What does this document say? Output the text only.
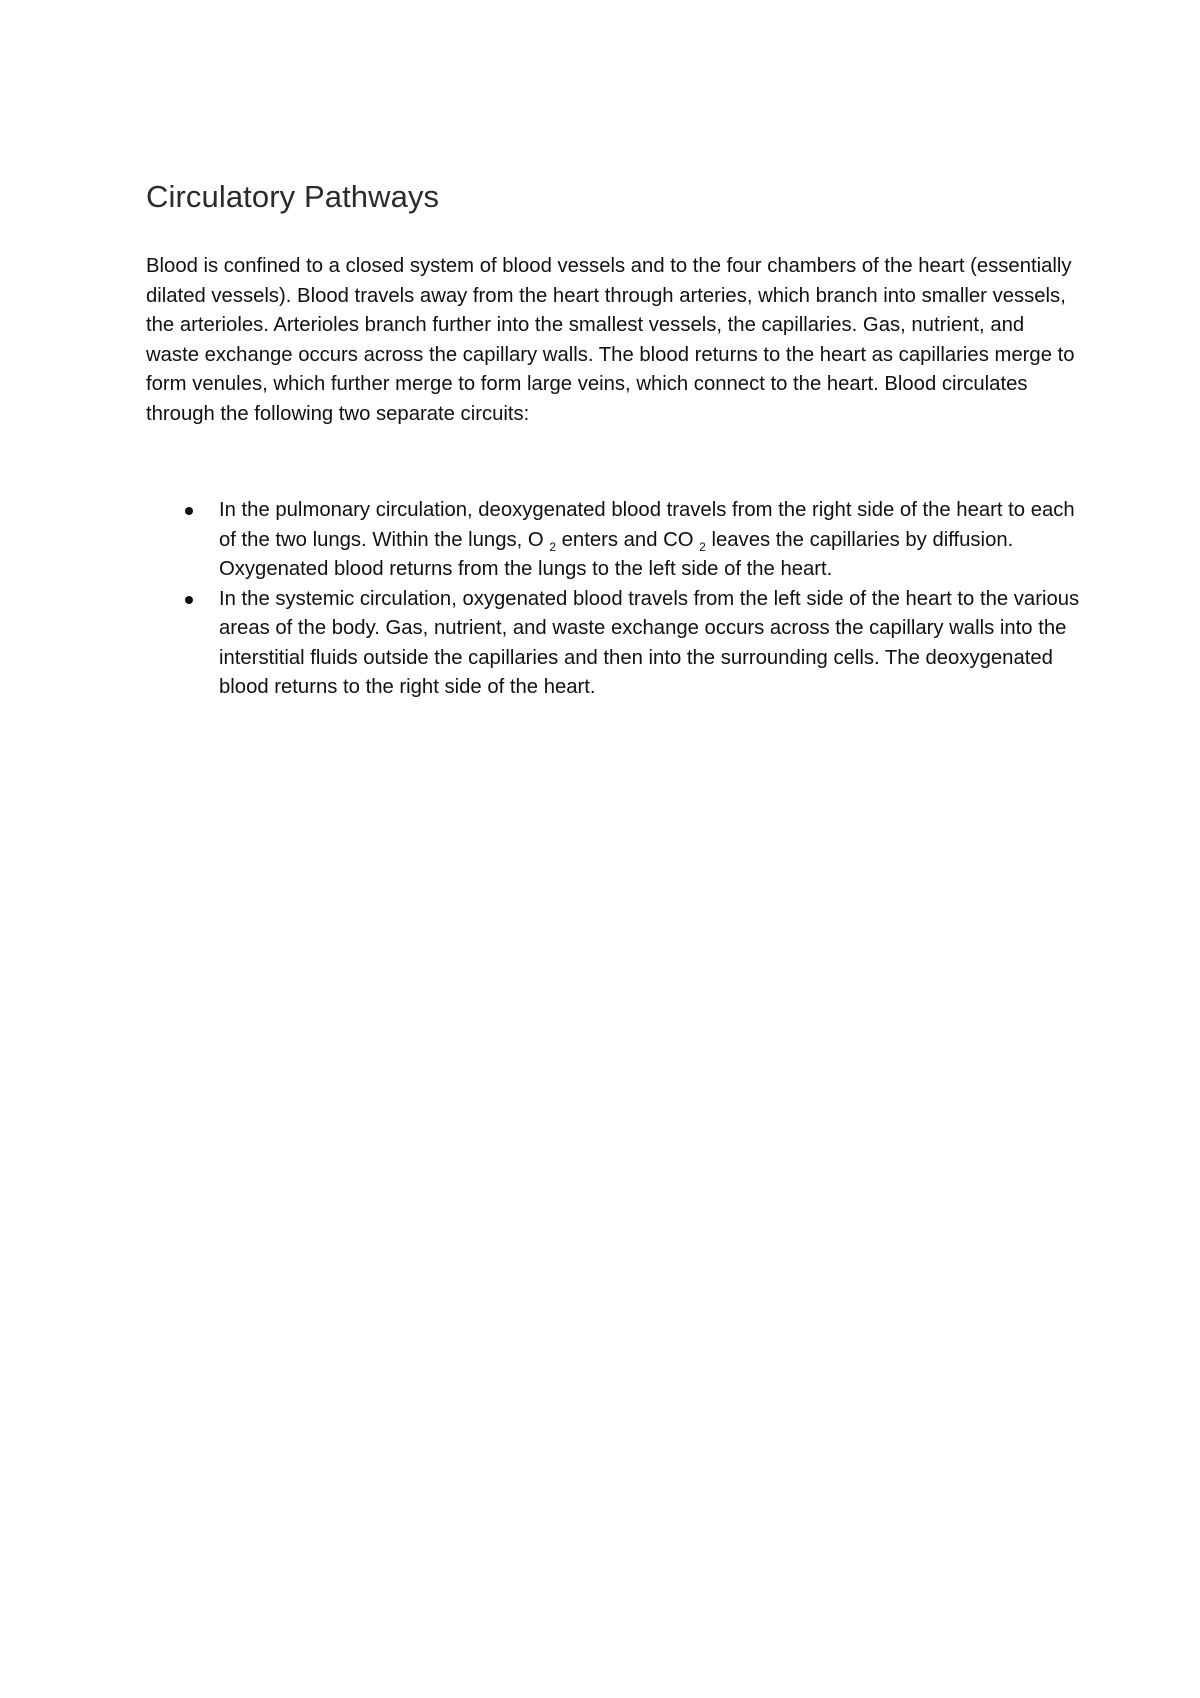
Circulatory Pathways

Blood is confined to a closed system of blood vessels and to the four chambers of the heart (essentially dilated vessels). Blood travels away from the heart through arteries, which branch into smaller vessels, the arterioles. Arterioles branch further into the smallest vessels, the capillaries. Gas, nutrient, and waste exchange occurs across the capillary walls. The blood returns to the heart as capillaries merge to form venules, which further merge to form large veins, which connect to the heart. Blood circulates through the following two separate circuits:

In the pulmonary circulation, deoxygenated blood travels from the right side of the heart to each of the two lungs. Within the lungs, O $_2$ enters and CO $_2$ leaves the capillaries by diffusion. Oxygenated blood returns from the lungs to the left side of the heart.
In the systemic circulation, oxygenated blood travels from the left side of the heart to the various areas of the body. Gas, nutrient, and waste exchange occurs across the capillary walls into the interstitial fluids outside the capillaries and then into the surrounding cells. The deoxygenated blood returns to the right side of the heart.
